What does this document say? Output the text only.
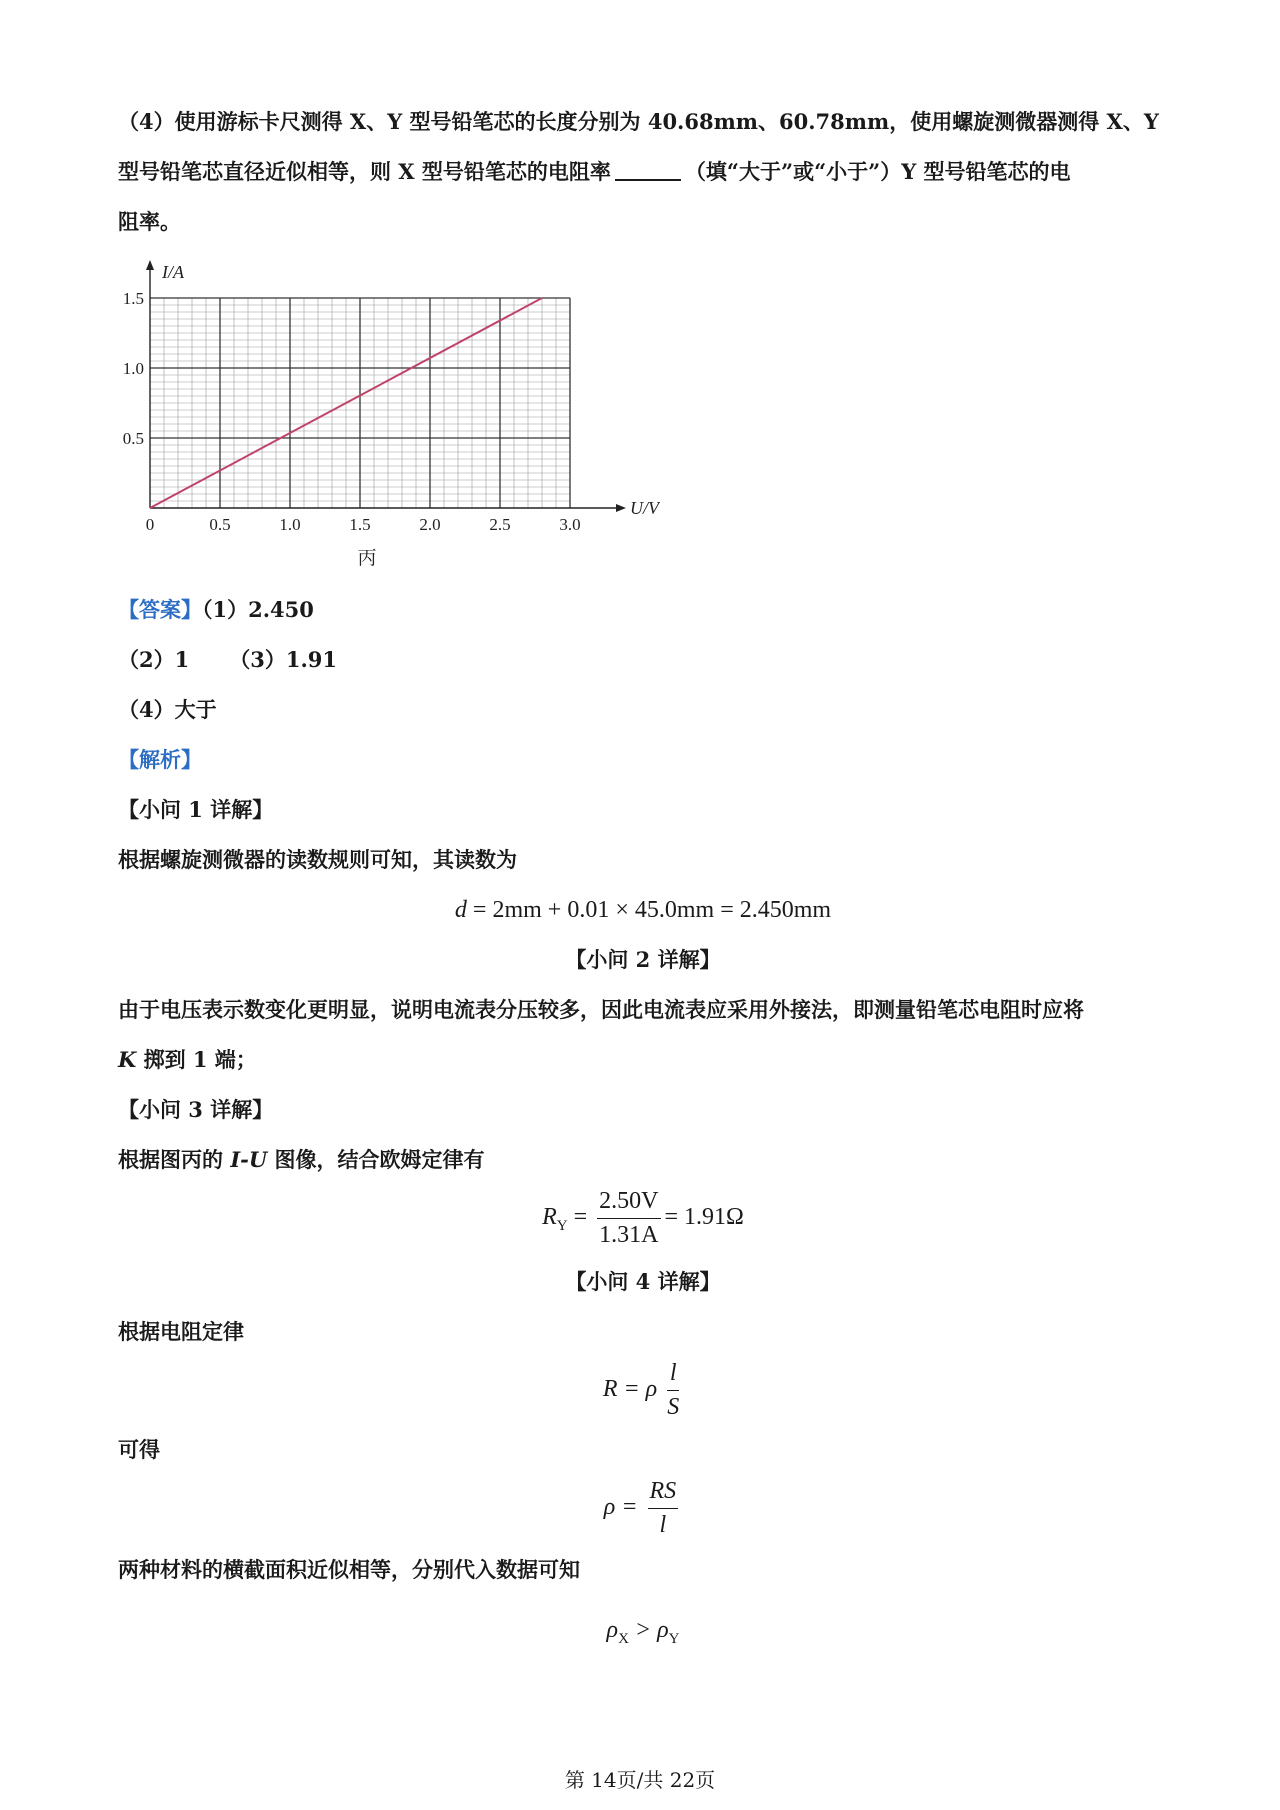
（4）使用游标卡尺测得 X、Y 型号铅笔芯的长度分别为 40.68mm、60.78mm，使用螺旋测微器测得 X、Y
型号铅笔芯直径近似相等，则 X 型号铅笔芯的电阻率	（填“大于”或“小于”）Y 型号铅笔芯的电
阻率。
0	0.5	1.0	1.5	2.0	2.5	3.0
0.5
1.0
1.5
I/A
U/V
丙
【答案】（1）2.450
（2）1 （3）1.91
（4）大于
【解析】
【小问 1 详解】
根据螺旋测微器的读数规则可知，其读数为
d = 2mm + 0.01 × 45.0mm = 2.450mm
【小问 2 详解】
由于电压表示数变化更明显，说明电流表分压较多，因此电流表应采用外接法，即测量铅笔芯电阻时应将
K 掷到 1 端；
【小问 3 详解】
根据图丙的 I-U 图像，结合欧姆定律有
$R_Y = \frac{2.50V}{1.31A} = 1.91\Omega$
【小问 4 详解】
根据电阻定律
R = ρ $\frac{l}{S}$
可得
$\rho = \frac{RS}{l}$
两种材料的横截面积近似相等，分别代入数据可知
$\rho_X > \rho_Y$
第 14页/共 22页
